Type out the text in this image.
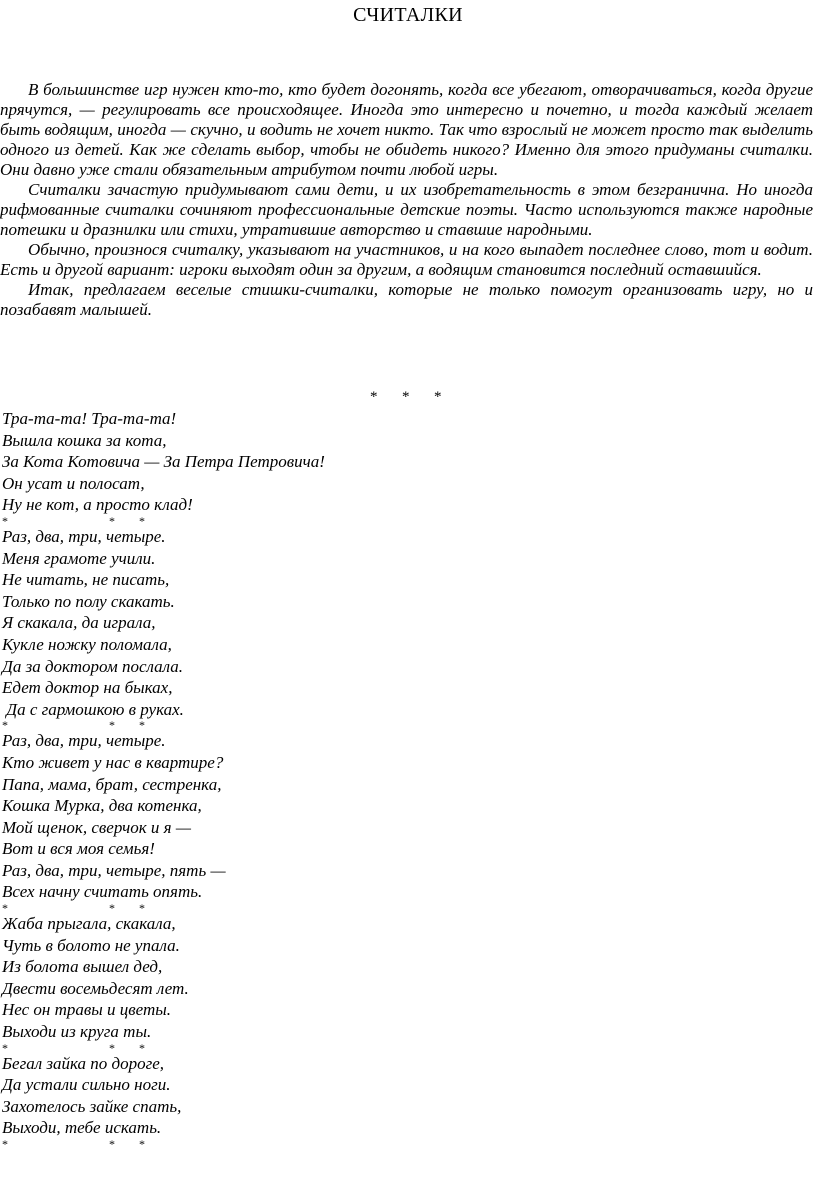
СЧИТАЛКИ

В большинстве игр нужен кто-то, кто будет догонять, когда все убегают, отворачиваться, когда другие прячутся, — регулировать все происходящее. Иногда это интересно и почетно, и тогда каждый желает быть водящим, иногда — скучно, и водить не хочет никто. Так что взрослый не может просто так выделить одного из детей. Как же сделать выбор, чтобы не обидеть никого? Именно для этого придуманы считалки. Они давно уже стали обязательным атрибутом почти любой игры.

Считалки зачастую придумывают сами дети, и их изобретательность в этом безгранична. Но иногда рифмованные считалки сочиняют профессиональные детские поэты. Часто используются также народные потешки и дразнилки или стихи, утратившие авторство и ставшие народными.

Обычно, произнося считалку, указывают на участников, и на кого выпадет последнее слово, тот и водит. Есть и другой вариант: игроки выходят один за другим, а водящим становится последний оставшийся.

Итак, предлагаем веселые стишки-считалки, которые не только помогут организовать игру, но и позабавят малышей.

* * *
Тра-та-та! Тра-та-та!
Вышла кошка за кота,
За Кота Котовича — За Петра Петровича!
Он усат и полосат,
Ну не кот, а просто клад!
*	* *
Раз, два, три, четыре.
Меня грамоте учили.
Не читать, не писать,
Только по полу скакать.
Я скакала, да играла,
Кукле ножку поломала,
Да за доктором послала.
Едет доктор на быках,
Да с гармошкою в руках.
*	* *
Раз, два, три, четыре.
Кто живет у нас в квартире?
Папа, мама, брат, сестренка,
Кошка Мурка, два котенка,
Мой щенок, сверчок и я —
Вот и вся моя семья!
Раз, два, три, четыре, пять —
Всех начну считать опять.
*	* *
Жаба прыгала, скакала,
Чуть в болото не упала.
Из болота вышел дед,
Двести восемьдесят лет.
Нес он травы и цветы.
Выходи из круга ты.
*	* *
Бегал зайка по дороге,
Да устали сильно ноги.
Захотелось зайке спать,
Выходи, тебе искать.
*	* *
